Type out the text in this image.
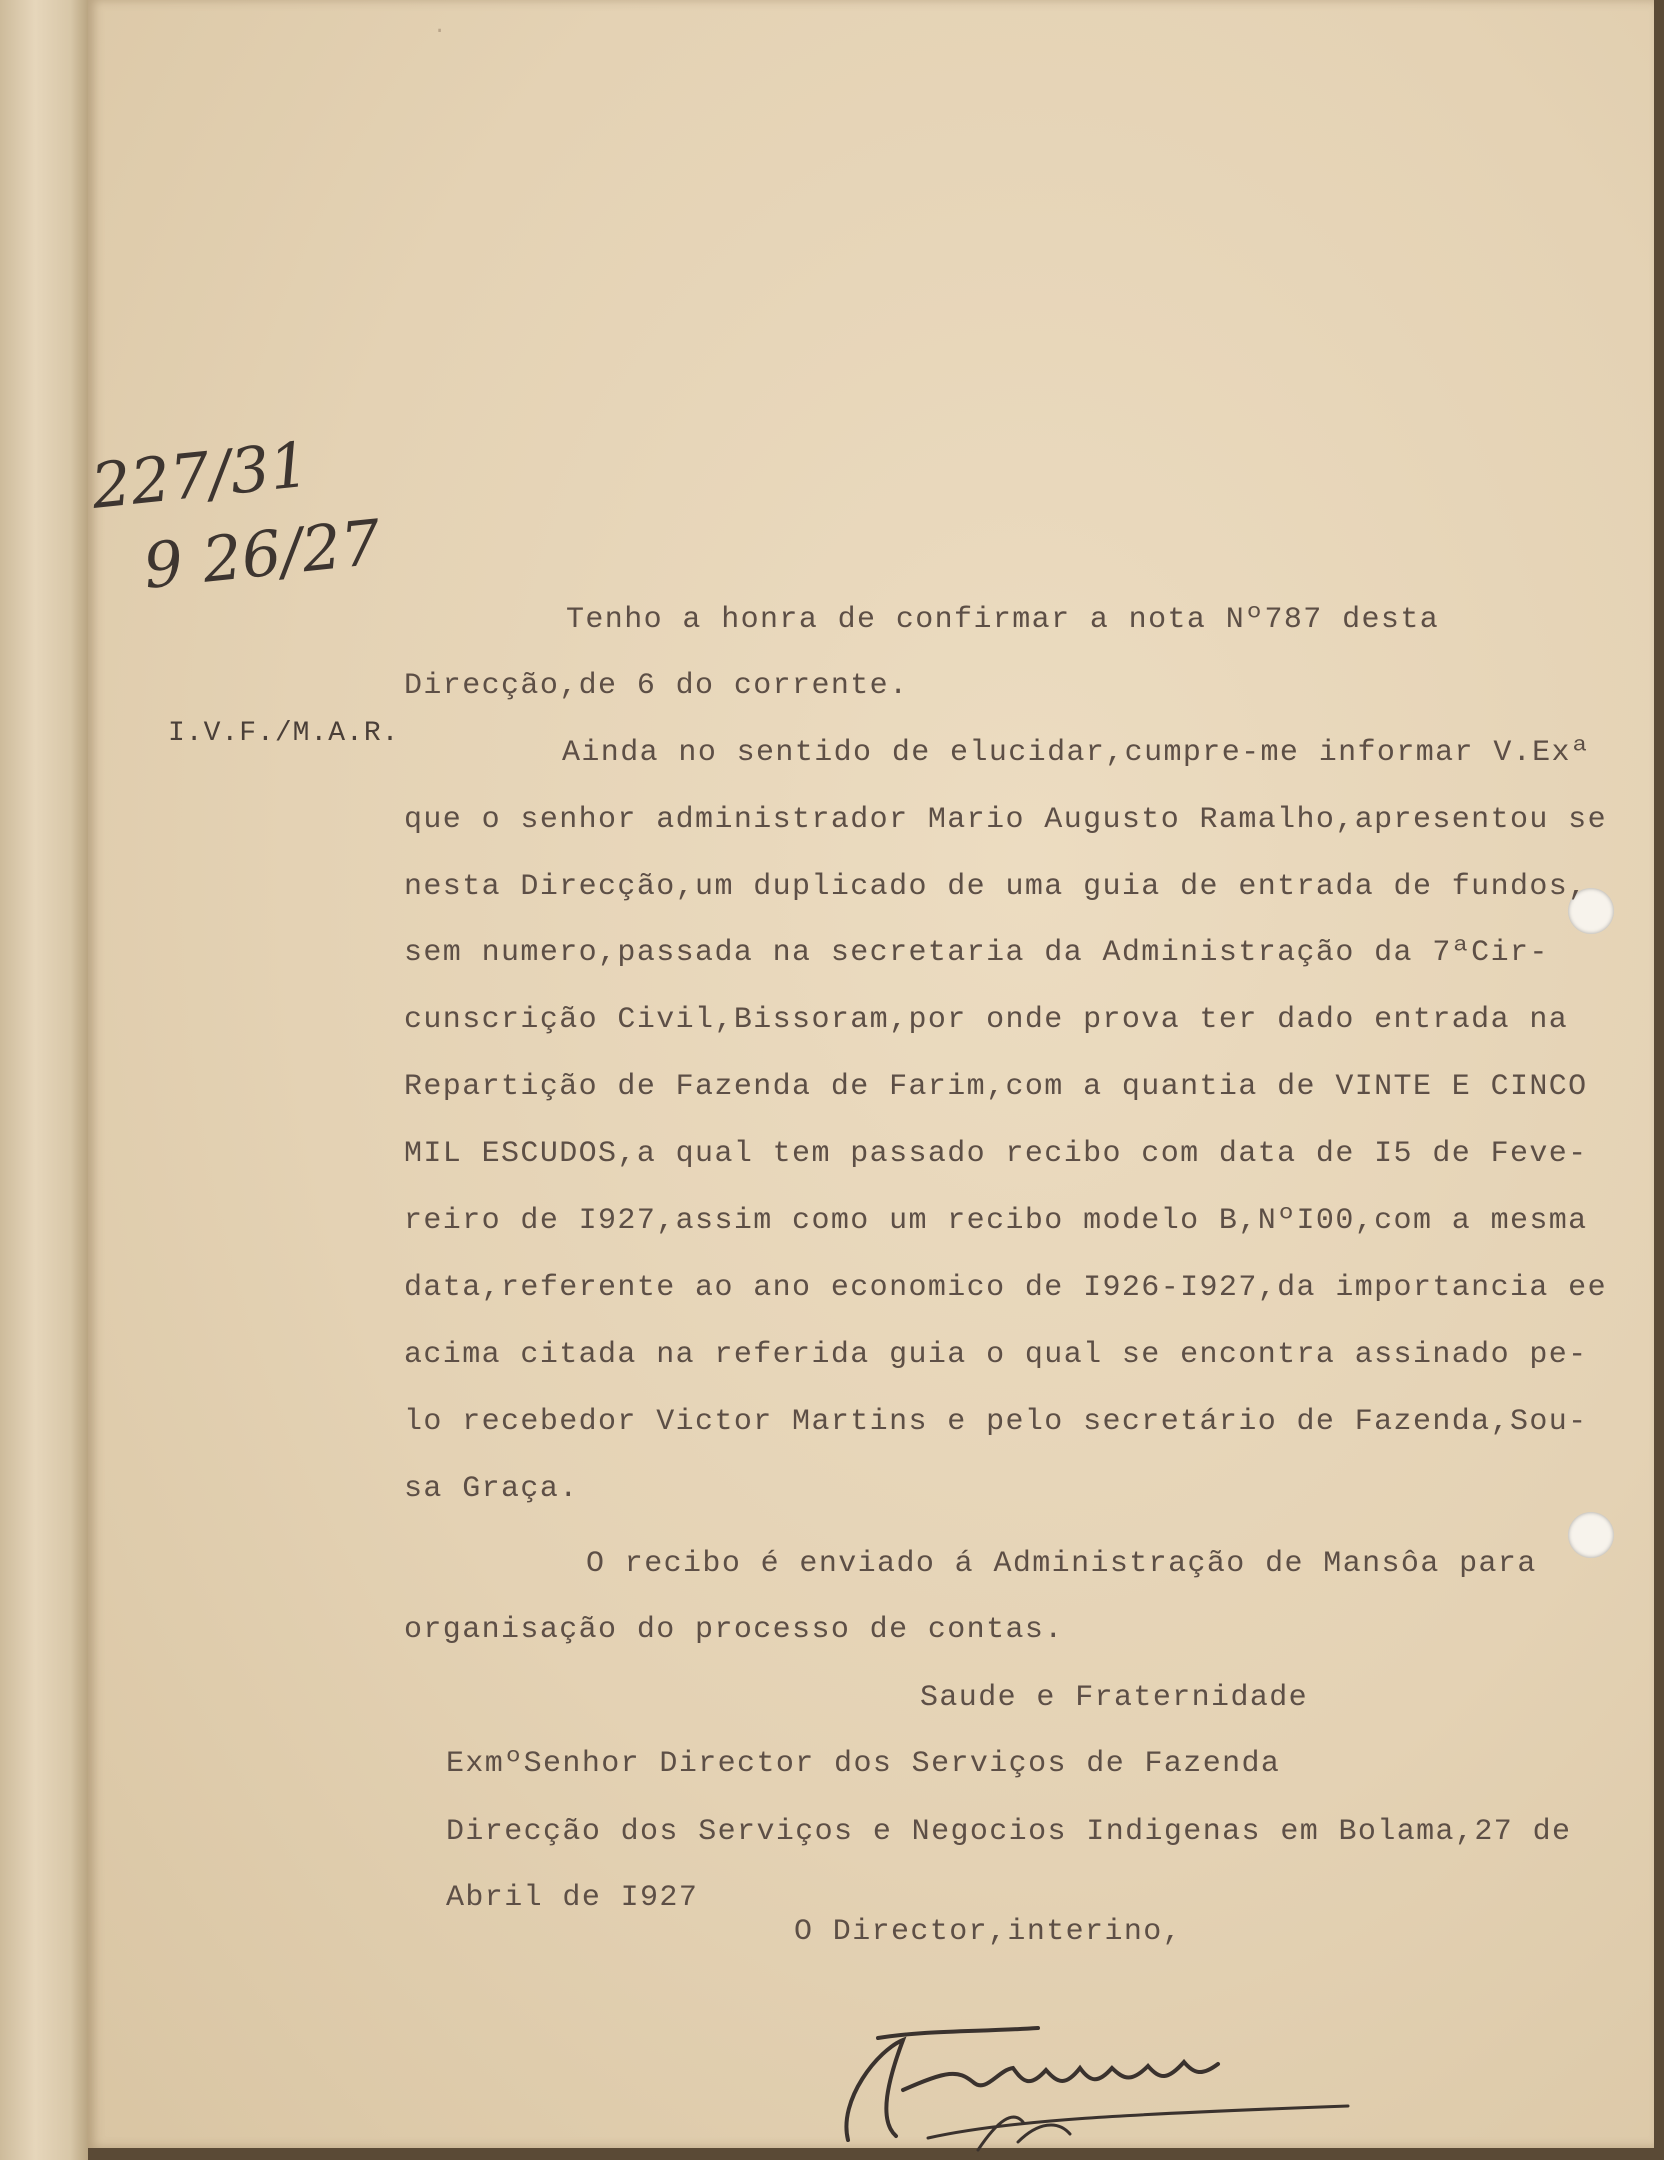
.
227/31
9 26/27
I.V.F./M.A.R.
Tenho a honra de confirmar a nota Nº787 desta
Direcção,de 6 do corrente.
Ainda no sentido de elucidar,cumpre-me informar V.Exª
que o senhor administrador Mario Augusto Ramalho,apresentou se
nesta Direcção,um duplicado de uma guia de entrada de fundos,
sem numero,passada na secretaria da Administração da 7ªCir-
cunscrição Civil,Bissoram,por onde prova ter dado entrada na
Repartição de Fazenda de Farim,com a quantia de VINTE E CINCO
MIL ESCUDOS,a qual tem passado recibo com data de I5 de Feve-
reiro de I927,assim como um recibo modelo B,NºI00,com a mesma
data,referente ao ano economico de I926-I927,da importancia ee
acima citada na referida guia o qual se encontra assinado pe-
lo recebedor Victor Martins e pelo secretário de Fazenda,Sou-
sa Graça.
O recibo é enviado á Administração de Mansôa para
organisação do processo de contas.
Saude e Fraternidade
ExmºSenhor Director dos Serviços de Fazenda
Direcção dos Serviços e Negocios Indigenas em Bolama,27 de
Abril de I927
O Director,interino,
